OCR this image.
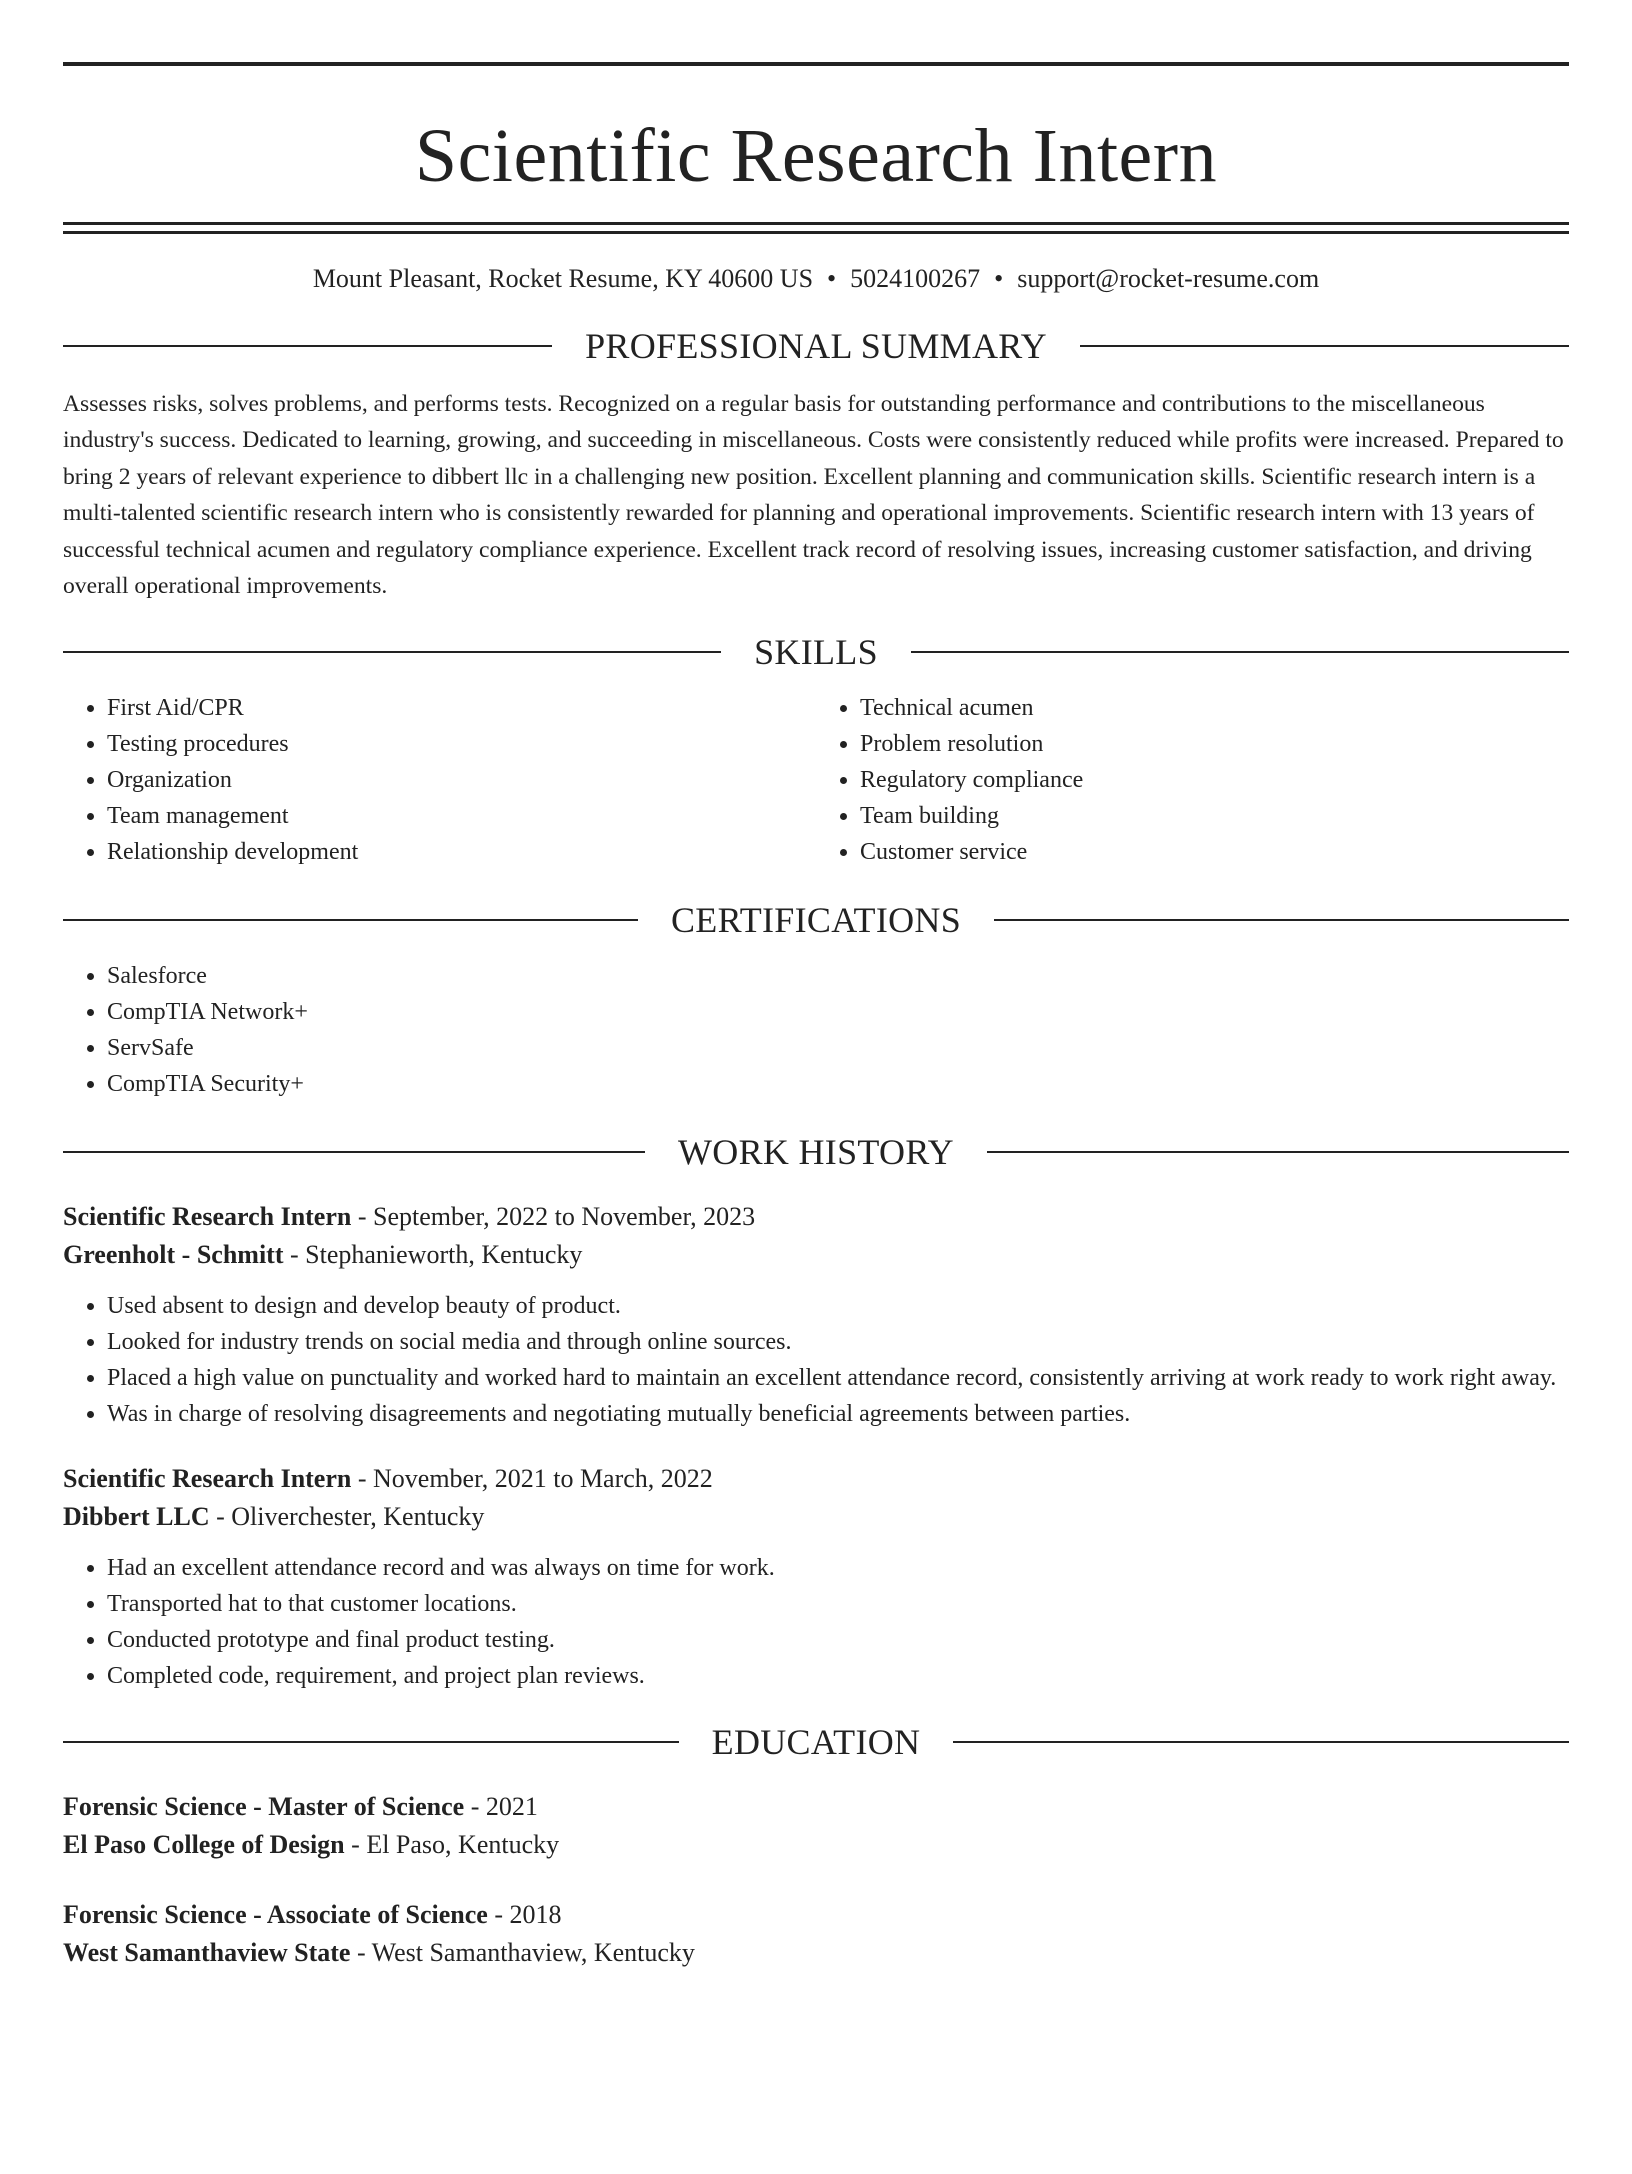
Scientific Research Intern
Mount Pleasant, Rocket Resume, KY 40600 US • 5024100267 • support@rocket-resume.com
PROFESSIONAL SUMMARY

Assesses risks, solves problems, and performs tests. Recognized on a regular basis for outstanding performance and contributions to the miscellaneous industry's success. Dedicated to learning, growing, and succeeding in miscellaneous. Costs were consistently reduced while profits were increased. Prepared to bring 2 years of relevant experience to dibbert llc in a challenging new position. Excellent planning and communication skills. Scientific research intern is a multi-talented scientific research intern who is consistently rewarded for planning and operational improvements. Scientific research intern with 13 years of successful technical acumen and regulatory compliance experience. Excellent track record of resolving issues, increasing customer satisfaction, and driving overall operational improvements.

SKILLS
• First Aid/CPR
• Testing procedures
• Organization
• Team management
• Relationship development
• Technical acumen
• Problem resolution
• Regulatory compliance
• Team building
• Customer service
CERTIFICATIONS
• Salesforce
• CompTIA Network+
• ServSafe
• CompTIA Security+
WORK HISTORY
Scientific Research Intern - September, 2022 to November, 2023
Greenholt - Schmitt - Stephanieworth, Kentucky
• Used absent to design and develop beauty of product.
• Looked for industry trends on social media and through online sources.
• Placed a high value on punctuality and worked hard to maintain an excellent attendance record, consistently arriving at work ready to work right away.
• Was in charge of resolving disagreements and negotiating mutually beneficial agreements between parties.
Scientific Research Intern - November, 2021 to March, 2022
Dibbert LLC - Oliverchester, Kentucky
• Had an excellent attendance record and was always on time for work.
• Transported hat to that customer locations.
• Conducted prototype and final product testing.
• Completed code, requirement, and project plan reviews.
EDUCATION
Forensic Science - Master of Science - 2021
El Paso College of Design - El Paso, Kentucky
Forensic Science - Associate of Science - 2018
West Samanthaview State - West Samanthaview, Kentucky
